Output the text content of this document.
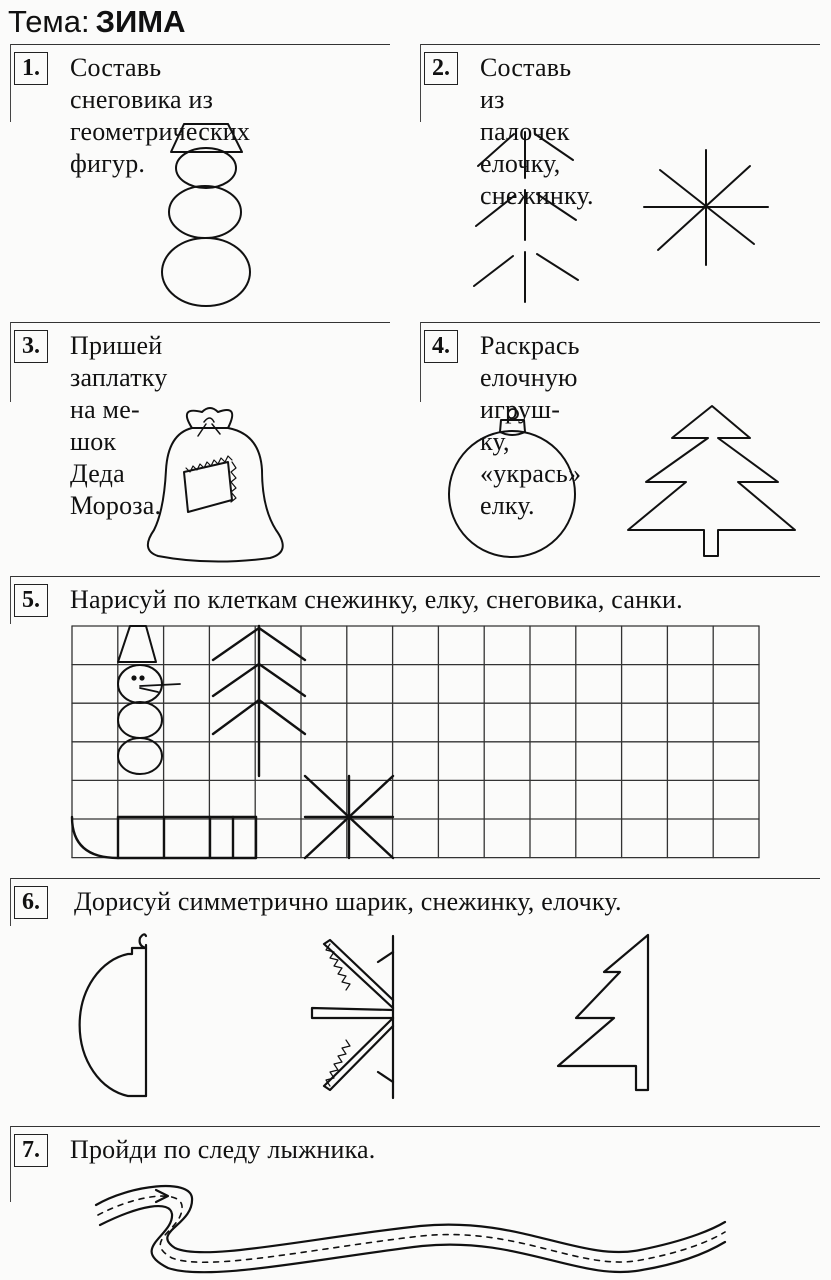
Тема: ЗИМА
1.	Составь снеговика из
геометрических фигур.
2.	Составь из палочек
елочку, снежинку.
3.	Пришей заплатку на ме-
шок Деда Мороза.
4.	Раскрась елочную игруш-
ку, «укрась» елку.
5.	Нарисуй по клеткам снежинку, елку, снеговика, санки.
6.	Дорисуй симметрично шарик, снежинку, елочку.
7.	Пройди по следу лыжника.
